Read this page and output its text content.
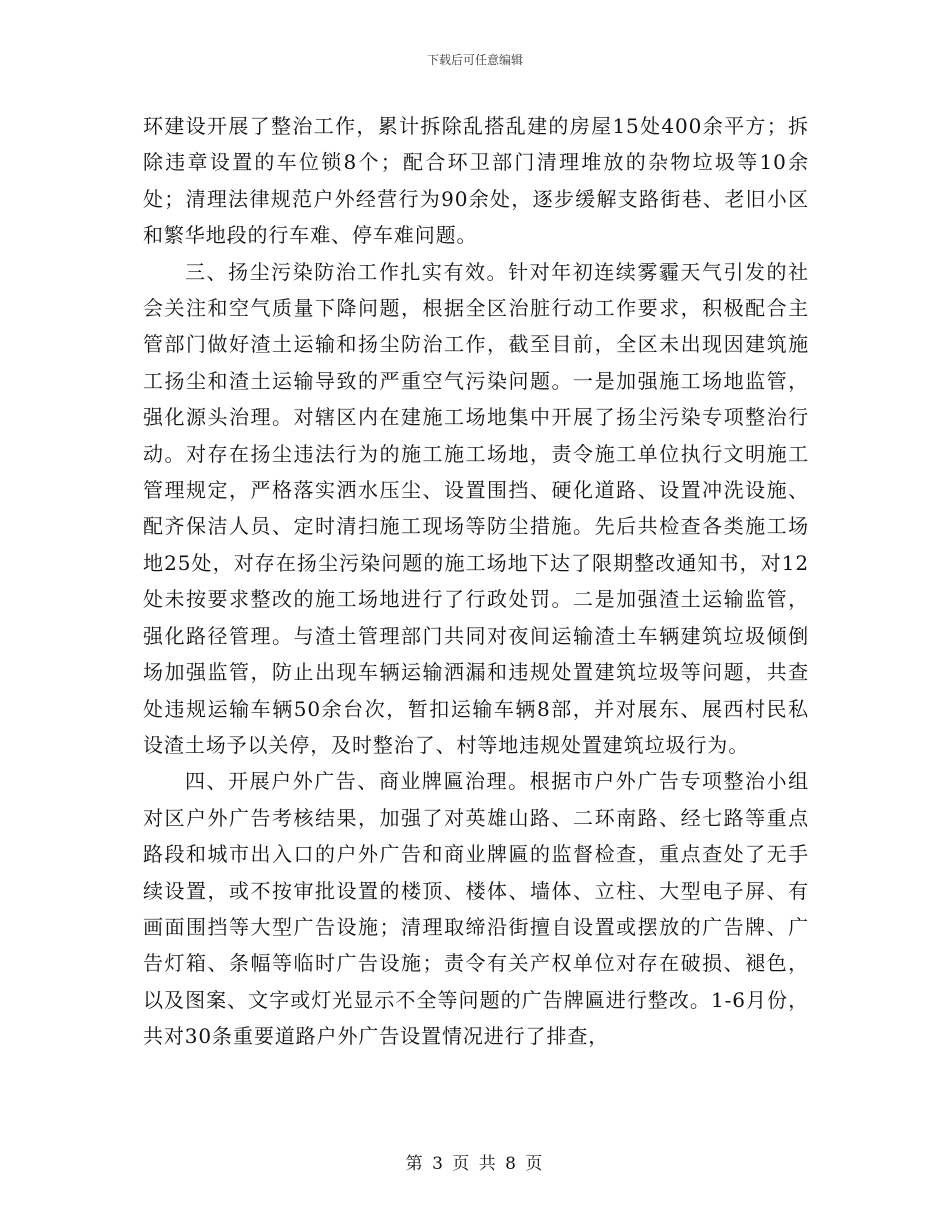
下载后可任意编辑

环建设开展了整治工作，累计拆除乱搭乱建的房屋15处400余平方；拆除违章设置的车位锁8个；配合环卫部门清理堆放的杂物垃圾等10余处；清理法律规范户外经营行为90余处，逐步缓解支路街巷、老旧小区和繁华地段的行车难、停车难问题。

三、扬尘污染防治工作扎实有效。针对年初连续雾霾天气引发的社会关注和空气质量下降问题，根据全区治脏行动工作要求，积极配合主管部门做好渣土运输和扬尘防治工作，截至目前，全区未出现因建筑施工扬尘和渣土运输导致的严重空气污染问题。一是加强施工场地监管，强化源头治理。对辖区内在建施工场地集中开展了扬尘污染专项整治行动。对存在扬尘违法行为的施工施工场地，责令施工单位执行文明施工管理规定，严格落实洒水压尘、设置围挡、硬化道路、设置冲洗设施、配齐保洁人员、定时清扫施工现场等防尘措施。先后共检查各类施工场地25处，对存在扬尘污染问题的施工场地下达了限期整改通知书，对12处未按要求整改的施工场地进行了行政处罚。二是加强渣土运输监管，强化路径管理。与渣土管理部门共同对夜间运输渣土车辆建筑垃圾倾倒场加强监管，防止出现车辆运输洒漏和违规处置建筑垃圾等问题，共查处违规运输车辆50余台次，暂扣运输车辆8部，并对展东、展西村民私设渣土场予以关停，及时整治了、村等地违规处置建筑垃圾行为。

四、开展户外广告、商业牌匾治理。根据市户外广告专项整治小组对区户外广告考核结果，加强了对英雄山路、二环南路、经七路等重点路段和城市出入口的户外广告和商业牌匾的监督检查，重点查处了无手续设置，或不按审批设置的楼顶、楼体、墙体、立柱、大型电子屏、有画面围挡等大型广告设施；清理取缔沿街擅自设置或摆放的广告牌、广告灯箱、条幅等临时广告设施；责令有关产权单位对存在破损、褪色，以及图案、文字或灯光显示不全等问题的广告牌匾进行整改。1-6月份，共对30条重要道路户外广告设置情况进行了排查，

第 3 页 共 8 页
